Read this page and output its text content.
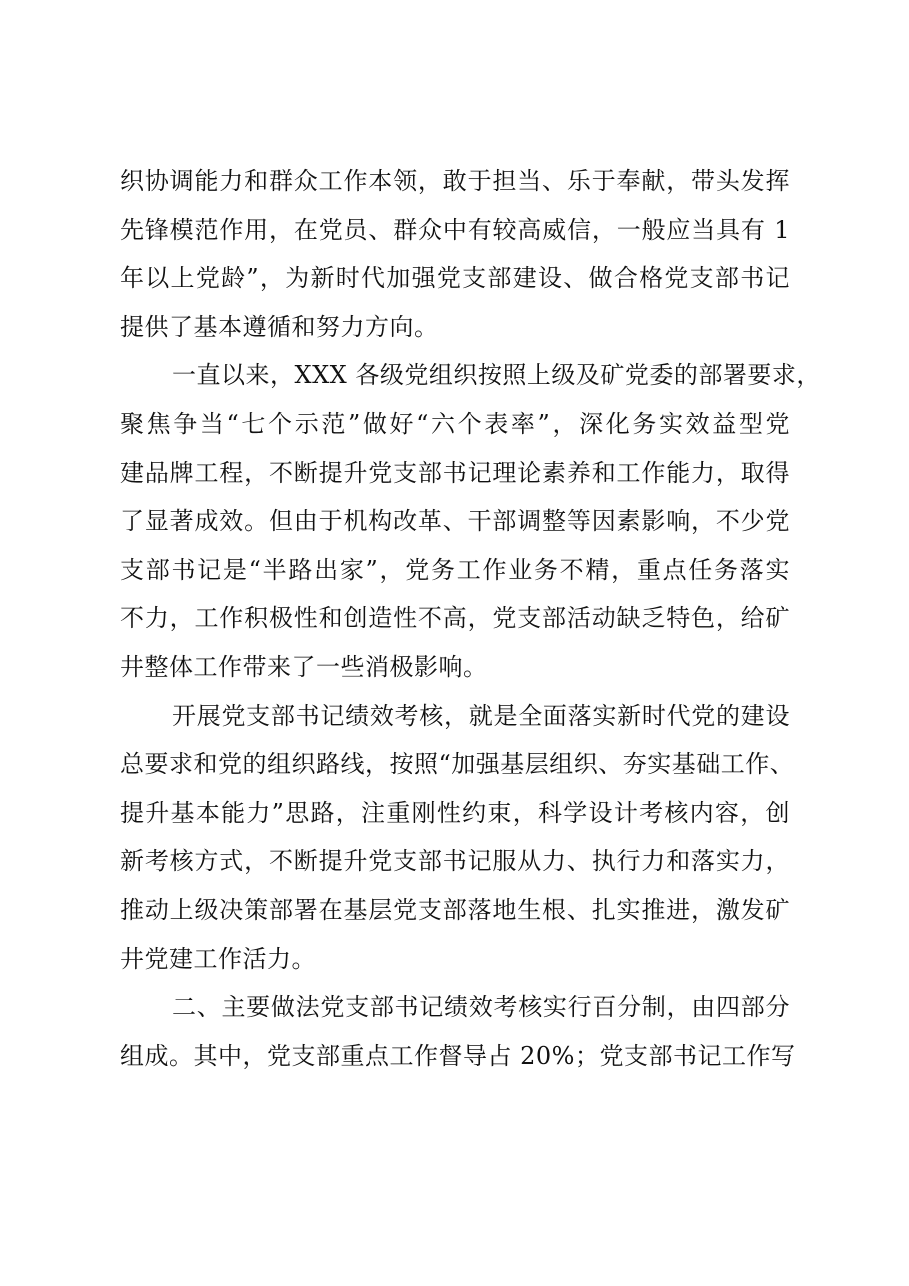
织协调能力和群众工作本领，敢于担当、乐于奉献，带头发挥
先锋模范作用，在党员、群众中有较高威信，一般应当具有 1
年以上党龄”，为新时代加强党支部建设、做合格党支部书记
提供了基本遵循和努力方向。

一直以来，XXX 各级党组织按照上级及矿党委的部署要求，
聚焦争当“七个示范”做好“六个表率”，深化务实效益型党
建品牌工程，不断提升党支部书记理论素养和工作能力，取得
了显著成效。但由于机构改革、干部调整等因素影响，不少党
支部书记是“半路出家”，党务工作业务不精，重点任务落实
不力，工作积极性和创造性不高，党支部活动缺乏特色，给矿
井整体工作带来了一些消极影响。

开展党支部书记绩效考核，就是全面落实新时代党的建设
总要求和党的组织路线，按照“加强基层组织、夯实基础工作、
提升基本能力”思路，注重刚性约束，科学设计考核内容，创
新考核方式，不断提升党支部书记服从力、执行力和落实力，
推动上级决策部署在基层党支部落地生根、扎实推进，激发矿
井党建工作活力。

二、主要做法党支部书记绩效考核实行百分制，由四部分
组成。其中，党支部重点工作督导占 20%；党支部书记工作写
